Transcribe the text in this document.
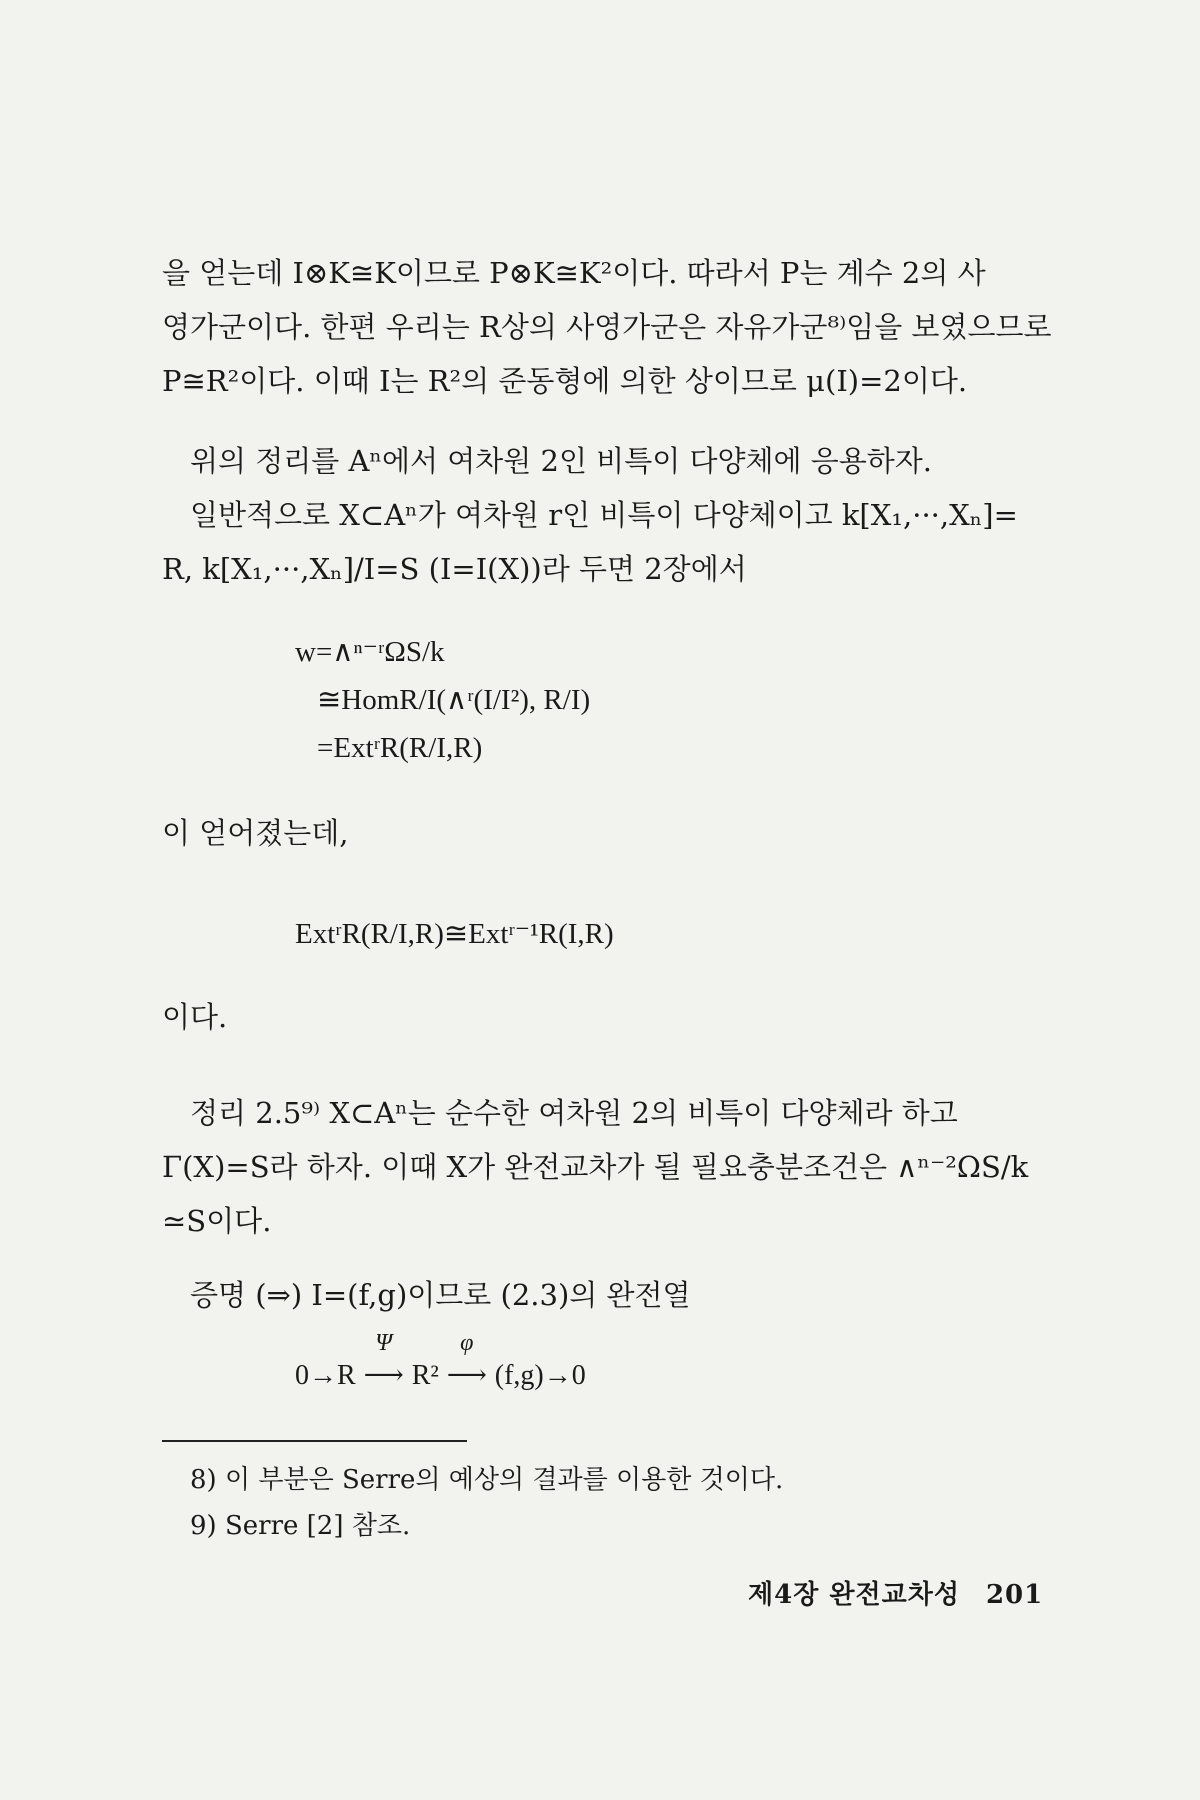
을 얻는데 I⊗K≅K이므로 P⊗K≅K²이다. 따라서 P는 계수 2의 사
영가군이다. 한편 우리는 R상의 사영가군은 자유가군⁸⁾임을 보였으므로
P≅R²이다. 이때 I는 R²의 준동형에 의한 상이므로 μ(I)=2이다.
위의 정리를 Aⁿ에서 여차원 2인 비특이 다양체에 응용하자.
일반적으로 X⊂Aⁿ가 여차원 r인 비특이 다양체이고 k[X₁,···,Xₙ]=
R, k[X₁,···,Xₙ]/I=S (I=I(X))라 두면 2장에서
w=∧ⁿ⁻ʳΩS/k
≅HomR/I(∧ʳ(I/I²), R/I)
=ExtʳR(R/I,R)
이 얻어졌는데,
ExtʳR(R/I,R)≅Extʳ⁻¹R(I,R)
이다.
정리 2.5⁹⁾ X⊂Aⁿ는 순수한 여차원 2의 비특이 다양체라 하고
Γ(X)=S라 하자. 이때 X가 완전교차가 될 필요충분조건은 ∧ⁿ⁻²ΩS/k
≃S이다.
증명 (⇒) I=(f,g)이므로 (2.3)의 완전열
0→R
Ψ
⟶ R²
φ
⟶ (f,g)→0
8) 이 부분은 Serre의 예상의 결과를 이용한 것이다.
9) Serre [2] 참조.
제4장 완전교차성 201
